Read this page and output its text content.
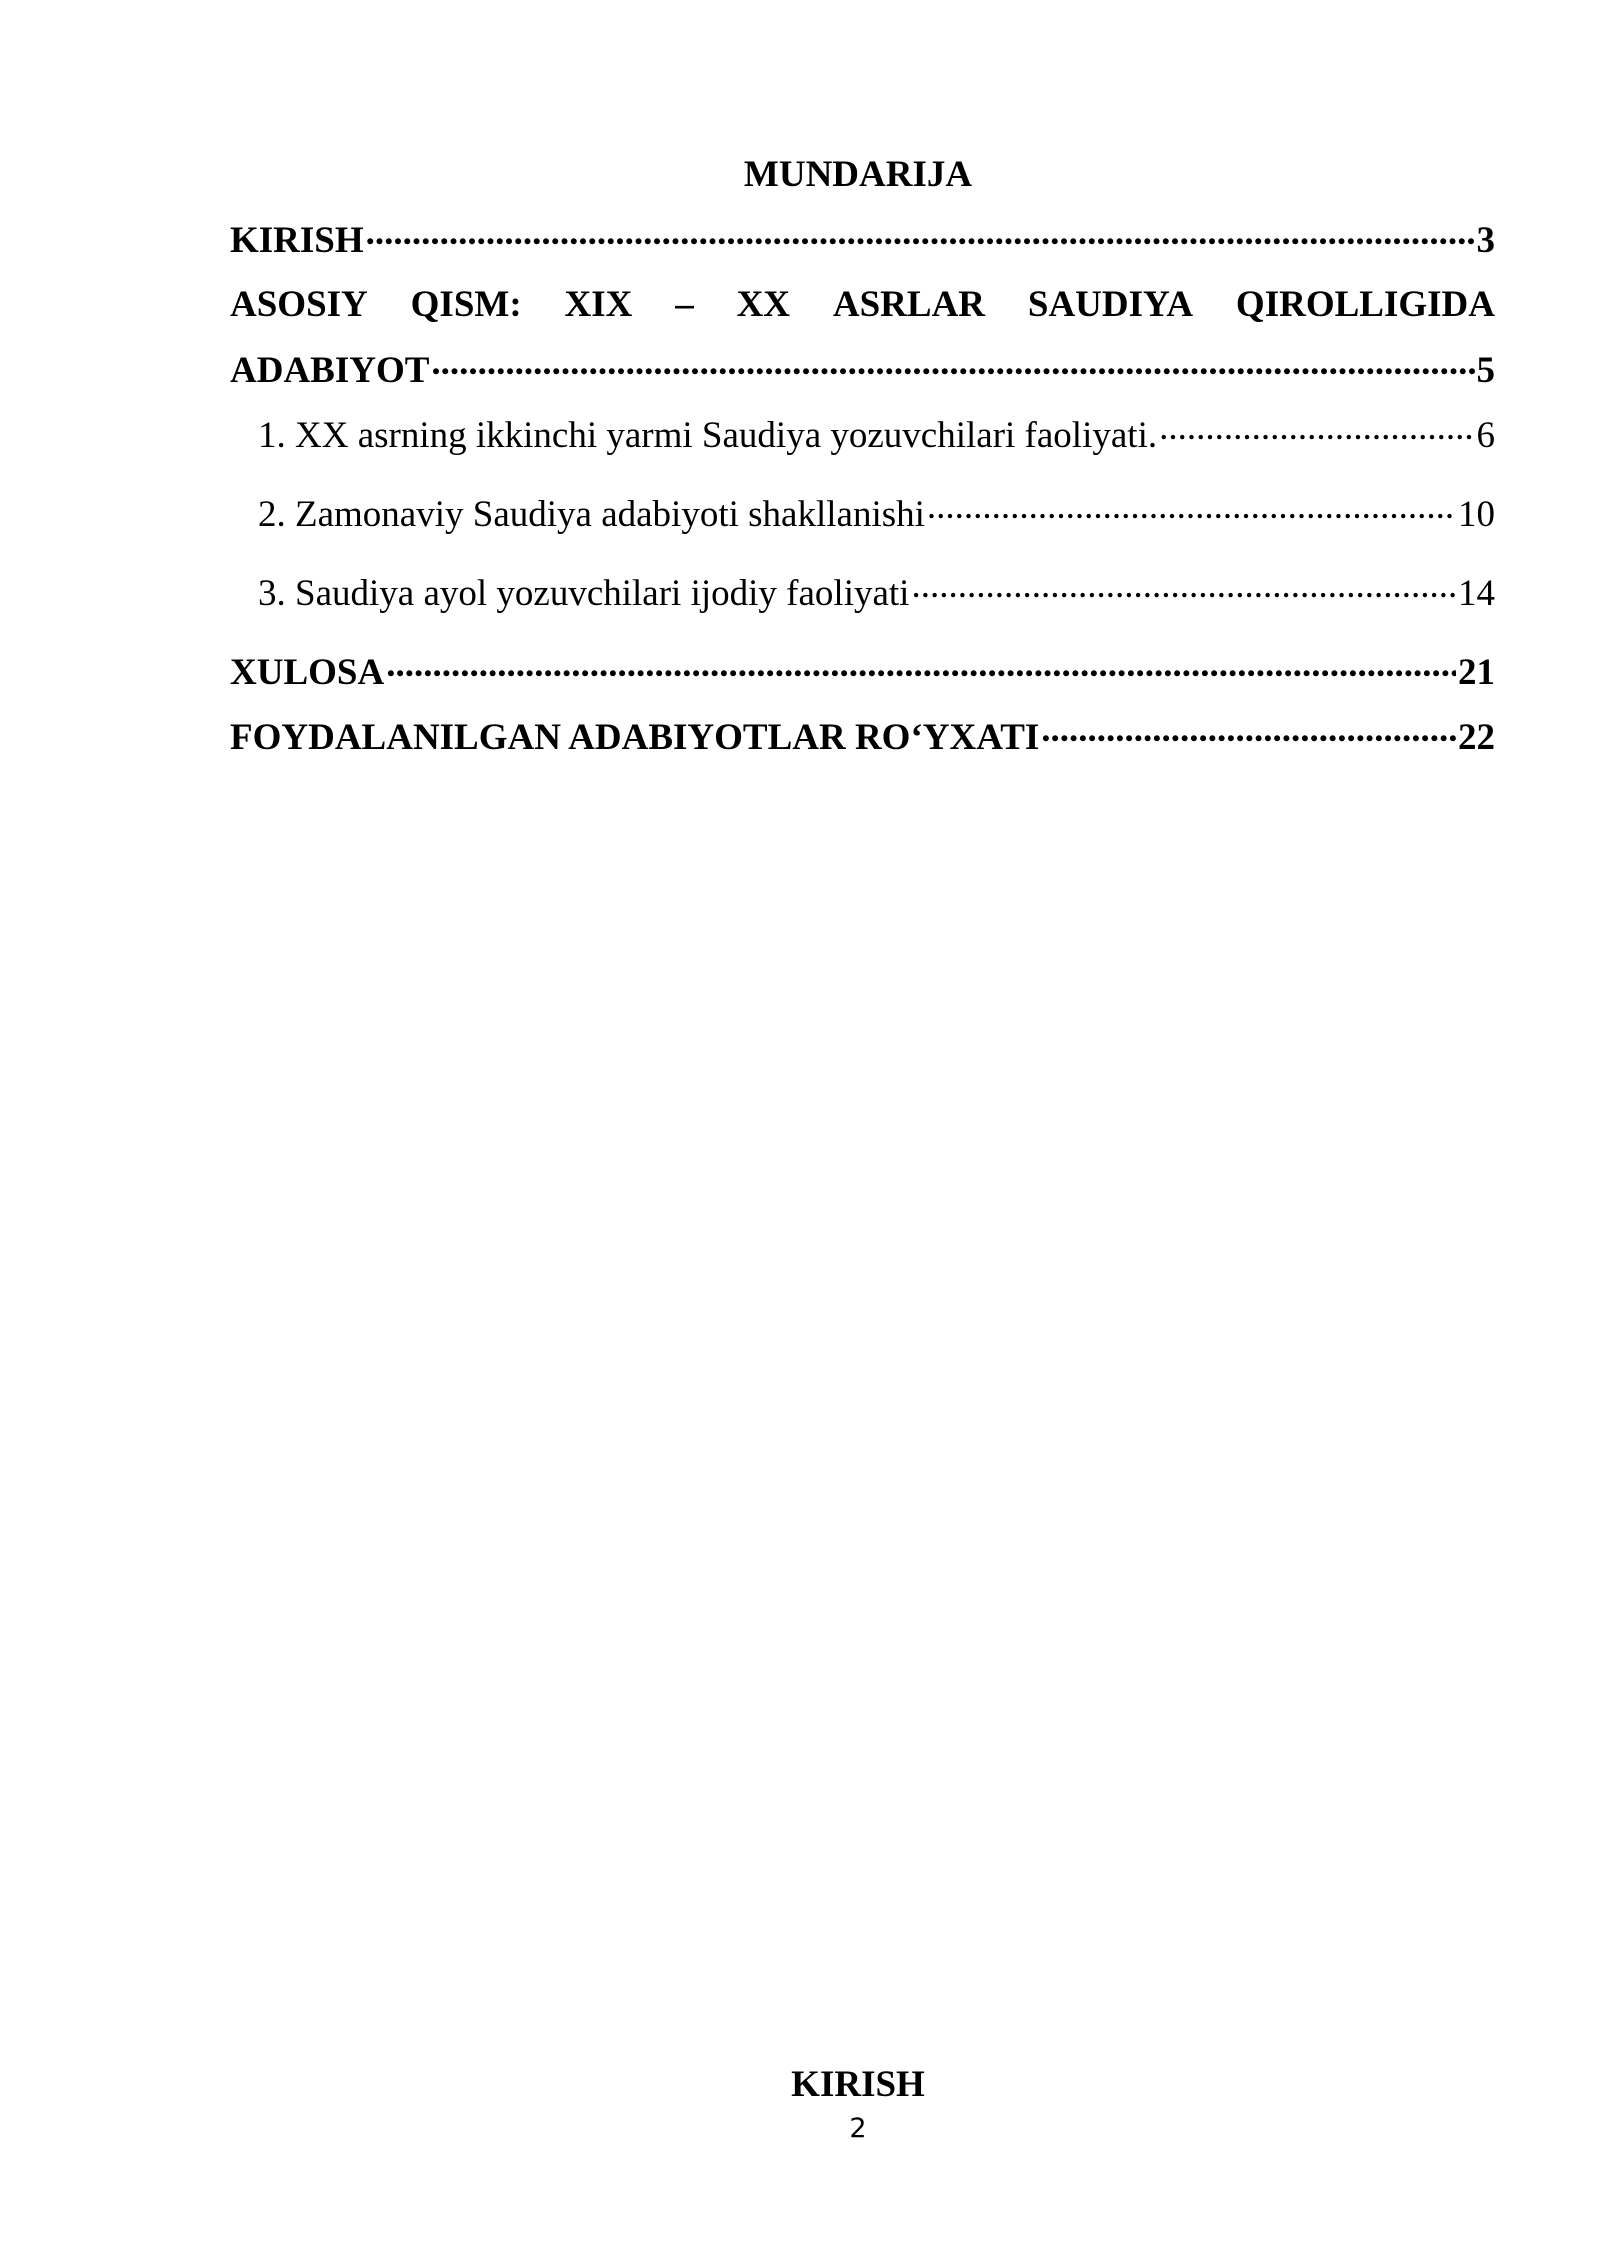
MUNDARIJA
KIRISH .....	3
ASOSIY QISM: XIX – XX ASRLAR SAUDIYA QIROLLIGIDA
ADABIYOT .....	5
1. XX asrning ikkinchi yarmi Saudiya yozuvchilari faoliyati. .....	6
2. Zamonaviy Saudiya adabiyoti shakllanishi .....	10
3. Saudiya ayol yozuvchilari ijodiy faoliyati .....	14
XULOSA .....	21
FOYDALANILGAN ADABIYOTLAR RO‘YXATI .....	22
KIRISH
2
